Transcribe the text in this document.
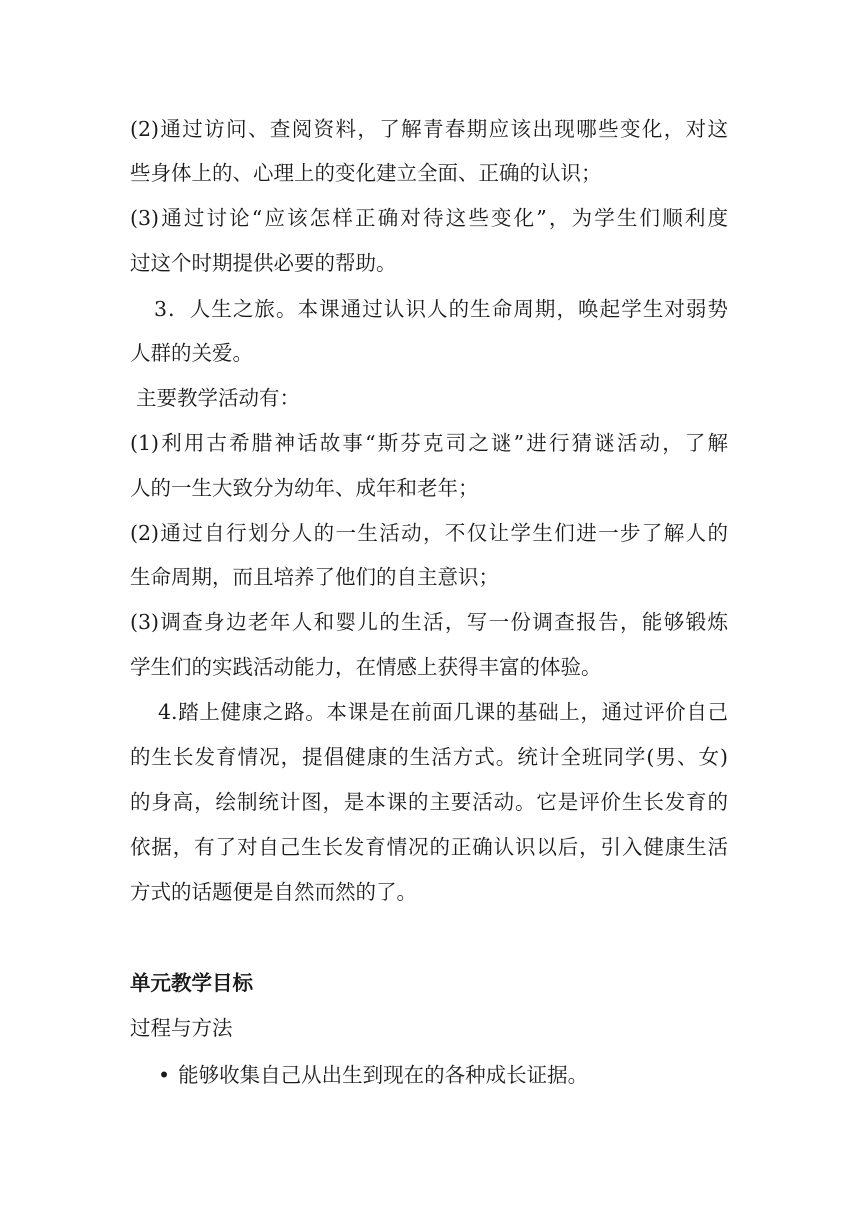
(2)通过访问、查阅资料，了解青春期应该出现哪些变化，对这
些身体上的、心理上的变化建立全面、正确的认识；
(3)通过讨论“应该怎样正确对待这些变化”，为学生们顺利度
过这个时期提供必要的帮助。
3．人生之旅。本课通过认识人的生命周期，唤起学生对弱势
人群的关爱。
主要教学活动有：
(1)利用古希腊神话故事“斯芬克司之谜”进行猜谜活动，了解
人的一生大致分为幼年、成年和老年；
(2)通过自行划分人的一生活动，不仅让学生们进一步了解人的
生命周期，而且培养了他们的自主意识；
(3)调查身边老年人和婴儿的生活，写一份调查报告，能够锻炼
学生们的实践活动能力，在情感上获得丰富的体验。
4.踏上健康之路。本课是在前面几课的基础上，通过评价自己
的生长发育情况，提倡健康的生活方式。统计全班同学(男、女)
的身高，绘制统计图，是本课的主要活动。它是评价生长发育的
依据，有了对自己生长发育情况的正确认识以后，引入健康生活
方式的话题便是自然而然的了。
单元教学目标
过程与方法
• 能够收集自己从出生到现在的各种成长证据。
